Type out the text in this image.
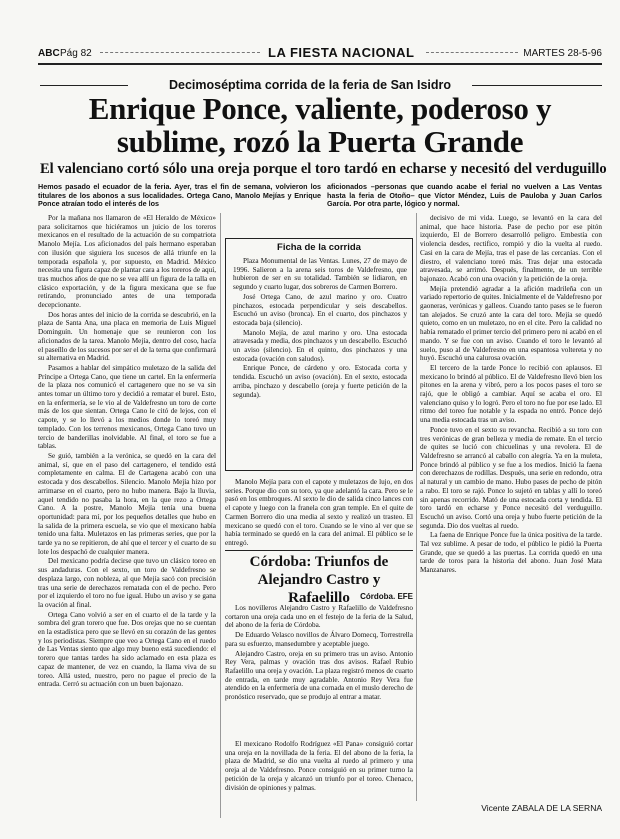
ABC Pág 82	LA FIESTA NACIONAL	MARTES 28-5-96
Decimoséptima corrida de la feria de San Isidro
Enrique Ponce, valiente, poderoso y sublime, rozó la Puerta Grande
El valenciano cortó sólo una oreja porque el toro tardó en echarse y necesitó del verduguillo
Hemos pasado el ecuador de la feria. Ayer, tras el fin de semana, volvieron los titulares de los abonos a sus localidades. Ortega Cano, Manolo Mejías y Enrique Ponce atraían todo el interés de los
aficionados –personas que cuando acabe el ferial no vuelven a Las Ventas hasta la feria de Otoño– que Víctor Méndez, Luis de Pauloba y Juan Carlos García. Por otra parte, lógico y normal.

Por la mañana nos llamaron de «El Heraldo de México» para solicitarnos que hiciéramos un juicio de los toreros mexicanos en el resultado de la actuación de su compatriota Manolo Mejía. Los aficionados del país hermano esperaban con ilusión que siguiera los sucesos de allá triunfe en la temporada española y, por supuesto, en Madrid. México necesita una figura capaz de plantar cara a los toreros de aquí, tras muchos años de que no se vea allí un figura de la talla en clásico exportación, y de la figura mexicana que se fue retirando, pronunciado antes de una temporada decepcionante.

Dos horas antes del inicio de la corrida se descubrió, en la plaza de Santa Ana, una placa en memoria de Luis Miguel Dominguín. Un homenaje que se reunieron con los aficionados de la tarea. Manolo Mejía, dentro del coso, hacía el paseíllo de los sucesos por ser el de la terna que confirmará su alternativa en Madrid.

Pasamos a hablar del simpático muletazo de la salida del Príncipe a Ortega Cano, que tiene un cartel. En la enfermería de la plaza nos comunicó el cartagenero que no se va sin antes tomar un último toro y decidió a rematar el burel. Esto, en la enfermería, se le vio al de Valdefresno un toro de corte más de los que sientan. Ortega Cano le citó de lejos, con el capote, y se lo llevó a los medios donde lo toreó muy templado. Con los terrenos mexicanos, Ortega Cano tuvo un tercio de banderillas inolvidable. Al final, el toro se fue a tablas.

Se guió, también a la verónica, se quedó en la cara del animal, sí, que en el paso del cartagenero, el tendido está completamente en calma. El de Cartagena acabó con una estocada y dos descabellos. Silencio. Manolo Mejía hizo por arrimarse en el cuarto, pero no hubo manera. Bajo la lluvia, aquel tendido no pasaba la hora, en la que rezo a Ortega Cano. A la postre, Manolo Mejía tenía una buena oportunidad: para mí, por los pequeños detalles que hubo en la salida de la primera escuela, se vio que el mexicano había tenido una falta. Muletazos en las primeras series, que por la tarde ya no se repitieron, de ahí que el tercer y el cuarto de su lote los despachó de cualquier manera.

Del mexicano podría decirse que tuvo un clásico toreo en sus andaduras. Con el sexto, un toro de Valdefresno se desplaza largo, con nobleza, al que Mejía sacó con precisión tras una serie de derechazos rematada con el de pecho. Pero por el izquierdo el toro no fue igual. Hubo un aviso y se gana la ovación al final.

Ortega Cano volvió a ser en el cuarto el de la tarde y la sombra del gran torero que fue. Dos orejas que no se cuentan en la estadística pero que se llevó en su corazón de las gentes y los periodistas. Siempre que veo a Ortega Cano en el ruedo de Las Ventas siento que algo muy bueno está sucediendo: el torero que tantas tardes ha sido aclamado en esta plaza es capaz de mantener, de vez en cuando, la llama viva de su toreo. Allá usted, nuestro, pero no pague el precio de la entrada. Cerró su actuación con un buen bajonazo.

Ficha de la corrida

Plaza Monumental de las Ventas. Lunes, 27 de mayo de 1996. Salieron a la arena seis toros de Valdefresno, que hubieron de ser en su totalidad. También se lidiaron, en segundo y cuarto lugar, dos sobreros de Carmen Borrero.

José Ortega Cano, de azul marino y oro. Cuatro pinchazos, estocada perpendicular y seis descabellos. Escuchó un aviso (bronca). En el cuarto, dos pinchazos y estocada baja (silencio).

Manolo Mejía, de azul marino y oro. Una estocada atravesada y media, dos pinchazos y un descabello. Escuchó un aviso (silencio). En el quinto, dos pinchazos y una estocada (ovación con saludos).

Enrique Ponce, de cárdeno y oro. Estocada corta y tendida. Escuchó un aviso (ovación). En el sexto, estocada arriba, pinchazo y descabello (oreja y fuerte petición de la segunda).

Manolo Mejía para con el capote y muletazos de lujo, en dos series. Porque dio con su toro, ya que adelantó la cara. Pero se le pasó en los embroques. Al sexto le dio de salida cinco lances con el capote y luego con la franela con gran temple. En el quite de Carmen Borrero dio una media al sexto y realizó un trasteo. El mexicano se quedó con el toro. Cuando se le vino al ver que se había terminado se quedó en la cara del animal. El público se le entregó.

Córdoba: Triunfos de Alejandro Castro y Rafaelillo	Córdoba. EFE

Los novilleros Alejandro Castro y Rafaelillo de Valdefresno cortaron una oreja cada uno en el festejo de la feria de la Salud, del abono de la feria de Córdoba.

De Eduardo Velasco novillos de Álvaro Domecq, Torrestrella para su esfuerzo, mansedumbre y aceptable juego.

Alejandro Castro, oreja en su primero tras un aviso. Antonio Rey Vera, palmas y ovación tras dos avisos. Rafael Rubio Rafaelillo una oreja y ovación. La plaza registró menos de cuarto de entrada, en tarde muy agradable. Antonio Rey Vera fue atendido en la enfermería de una cornada en el muslo derecho de pronóstico reservado, que se produjo al entrar a matar.

El mexicano Rodolfo Rodríguez «El Pana» consiguió cortar una oreja en la novillada de la feria. El del abono de la feria, la plaza de Madrid, se dio una vuelta al ruedo al primero y una oreja al de Valdefresno. Ponce consiguió en su primer turno la petición de la oreja y alcanzó un triunfo por el toreo. Chenaco, división de opiniones y palmas.

decisivo de mi vida. Luego, se levantó en la cara del animal, que hace historia. Pase de pecho por ese pitón izquierdo, El de Borrero desarrolló peligro. Embestía con violencia desdes, rectifico, rompió y dio la vuelta al ruedo. Casi en la cara de Mejía, tras el pase de las cercanías. Con el diestro, el valenciano toreó más. Tras dejar una estocada atravesada, se arrimó. Después, finalmente, de un terrible bajonazo. Acabó con una ovación y la petición de la oreja.

Mejía pretendió agradar a la afición madrileña con un variado repertorio de quites. Inicialmente el de Valdefresno por gaoneras, verónicas y galleos. Cuando tanto pases se le fueron tan alejados. Se cruzó ante la cara del toro. Mejía se quedó quieto, como en un muletazo, no en el cite. Pero la calidad no había rematado el primer tercio del primero pero ni acabó en el mando. Y se fue con un aviso. Cuando el toro le levantó al suelo, puso al de Valdefresno en una espantosa voltereta y no huyó. Escuchó una calurosa ovación.

El tercero de la tarde Ponce lo recibió con aplausos. El mexicano lo brindó al público. El de Valdefresno llevó bien los pitones en la arena y vibró, pero a los pocos pases el toro se rajó, que le obligó a cambiar. Aquí se acaba el oro. El valenciano quiso y lo logró. Pero el toro no fue por ese lado. El ritmo del toreo fue notable y la espada no entró. Ponce dejó una media estocada tras un aviso.

Ponce tuvo en el sexto su revancha. Recibió a su toro con tres verónicas de gran belleza y media de remate. En el tercio de quites se lució con chicuelinas y una revolera. El de Valdefresno se arrancó al caballo con alegría. Ya en la muleta, Ponce brindó al público y se fue a los medios. Inició la faena con derechazos de rodillas. Después, una serie en redondo, otra al natural y un cambio de mano. Hubo pases de pecho de pitón a rabo. El toro se rajó. Ponce lo sujetó en tablas y allí lo toreó sin apenas recorrido. Mató de una estocada corta y tendida. El toro tardó en echarse y Ponce necesitó del verduguillo. Escuchó un aviso. Cortó una oreja y hubo fuerte petición de la segunda. Dio dos vueltas al ruedo.

La faena de Enrique Ponce fue la única positiva de la tarde. Tal vez sublime. A pesar de todo, el público le pidió la Puerta Grande, que se quedó a las puertas. La corrida quedó en una tarde de toros para la historia del abono. Juan José Mata Manzanares.

Vicente ZABALA DE LA SERNA
